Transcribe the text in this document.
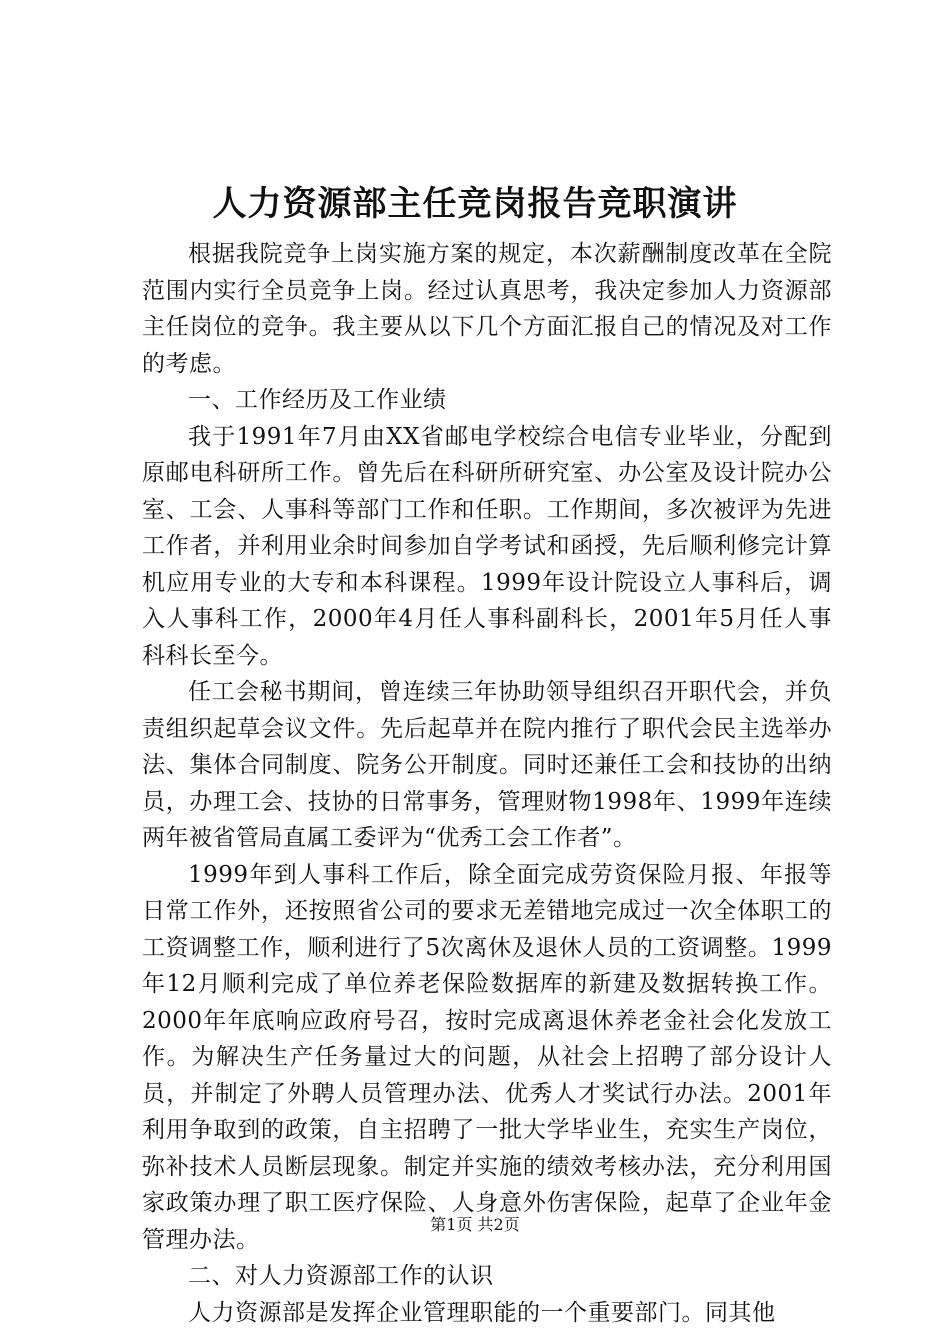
人力资源部主任竞岗报告竞职演讲

根据我院竞争上岗实施方案的规定，本次薪酬制度改革在全院范围内实行全员竞争上岗。经过认真思考，我决定参加人力资源部主任岗位的竞争。我主要从以下几个方面汇报自己的情况及对工作的考虑。

一、工作经历及工作业绩

我于1991年7月由XX省邮电学校综合电信专业毕业，分配到原邮电科研所工作。曾先后在科研所研究室、办公室及设计院办公室、工会、人事科等部门工作和任职。工作期间，多次被评为先进工作者，并利用业余时间参加自学考试和函授，先后顺利修完计算机应用专业的大专和本科课程。1999年设计院设立人事科后，调入人事科工作，2000年4月任人事科副科长，2001年5月任人事科科长至今。

任工会秘书期间，曾连续三年协助领导组织召开职代会，并负责组织起草会议文件。先后起草并在院内推行了职代会民主选举办法、集体合同制度、院务公开制度。同时还兼任工会和技协的出纳员，办理工会、技协的日常事务，管理财物1998年、1999年连续两年被省管局直属工委评为“优秀工会工作者”。

1999年到人事科工作后，除全面完成劳资保险月报、年报等日常工作外，还按照省公司的要求无差错地完成过一次全体职工的工资调整工作，顺利进行了5次离休及退休人员的工资调整。1999年12月顺利完成了单位养老保险数据库的新建及数据转换工作。2000年年底响应政府号召，按时完成离退休养老金社会化发放工作。为解决生产任务量过大的问题，从社会上招聘了部分设计人员，并制定了外聘人员管理办法、优秀人才奖试行办法。2001年利用争取到的政策，自主招聘了一批大学毕业生，充实生产岗位，弥补技术人员断层现象。制定并实施的绩效考核办法，充分利用国家政策办理了职工医疗保险、人身意外伤害保险，起草了企业年金管理办法。

二、对人力资源部工作的认识

人力资源部是发挥企业管理职能的一个重要部门。同其他

第1页 共2页
